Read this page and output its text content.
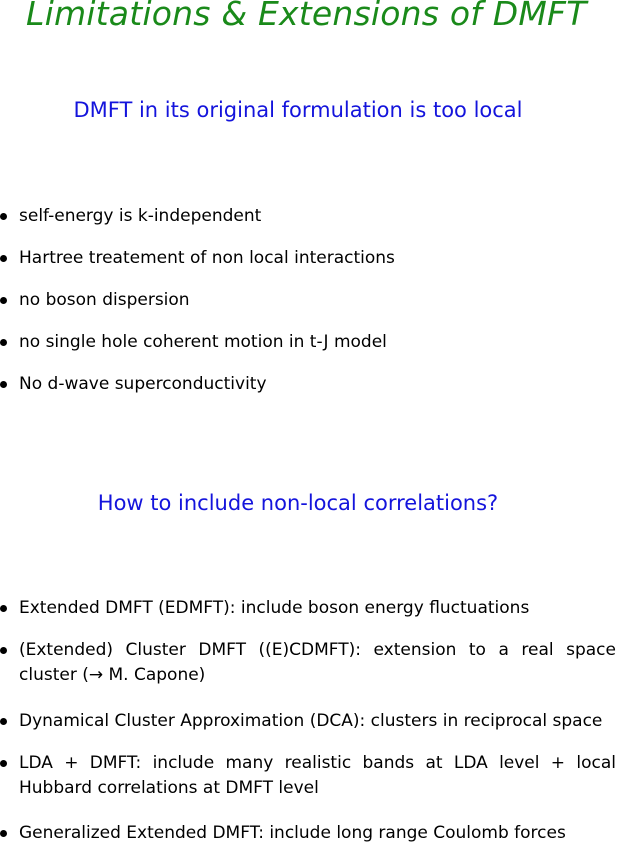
Limitations & Extensions of DMFT
DMFT in its original formulation is too local
self-energy is k-independent
Hartree treatement of non local interactions
no boson dispersion
no single hole coherent motion in t-J model
No d-wave superconductivity
How to include non-local correlations?
Extended DMFT (EDMFT): include boson energy fluctuations
(Extended) Cluster DMFT ((E)CDMFT): extension to a real space cluster (→ M. Capone)
Dynamical Cluster Approximation (DCA): clusters in reciprocal space
LDA + DMFT: include many realistic bands at LDA level + local Hubbard correlations at DMFT level
Generalized Extended DMFT: include long range Coulomb forces
